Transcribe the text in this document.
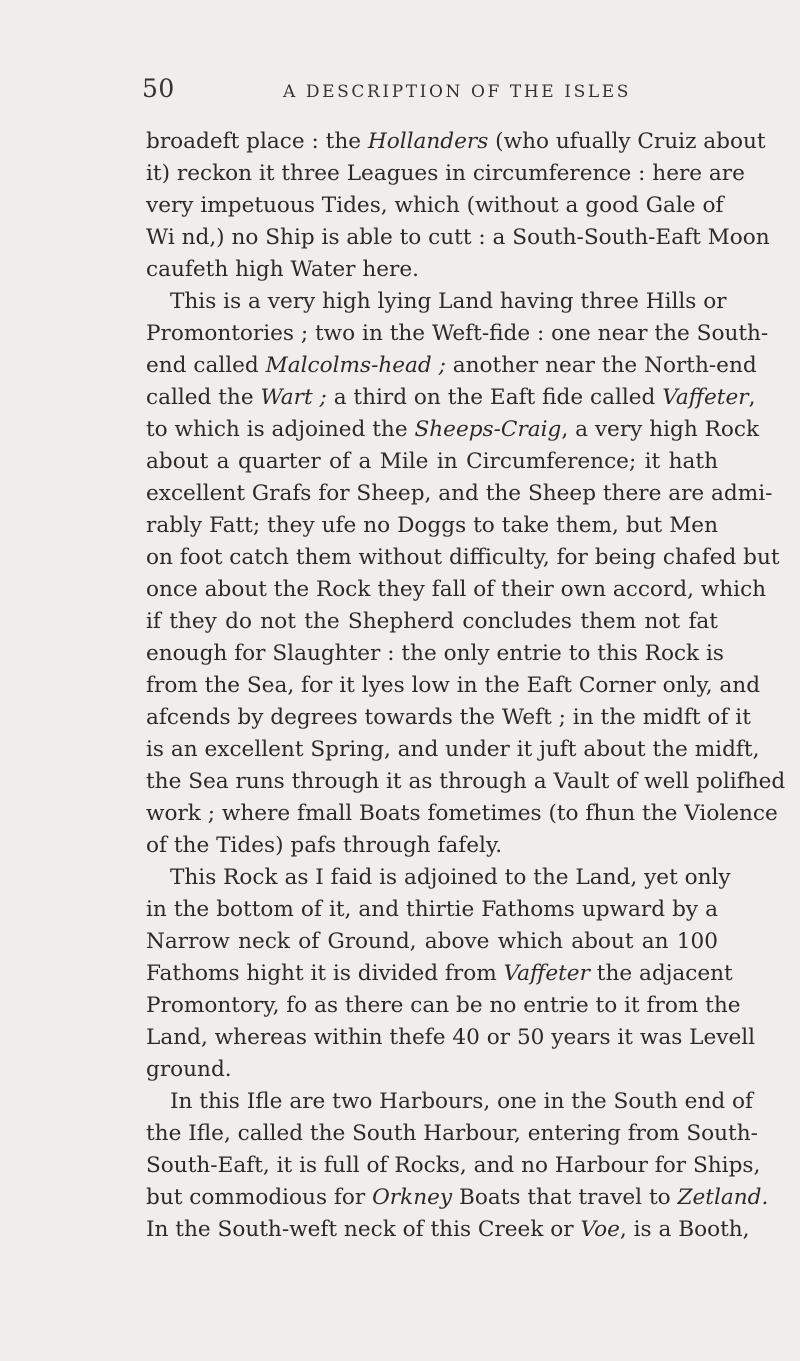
50	A DESCRIPTION OF THE ISLES
broadeft place : the Hollanders (who ufually Cruiz about
it) reckon it three Leagues in circumference : here are
very impetuous Tides, which (without a good Gale of
Wi nd,) no Ship is able to cutt : a South-South-Eaft Moon
caufeth high Water here.
This is a very high lying Land having three Hills or
Promontories ; two in the Weft-fide : one near the South-
end called Malcolms-head ; another near the North-end
called the Wart ; a third on the Eaft fide called Vaffeter,
to which is adjoined the Sheeps-Craig, a very high Rock
about a quarter of a Mile in Circumference; it hath
excellent Grafs for Sheep, and the Sheep there are admi-
rably Fatt; they ufe no Doggs to take them, but Men
on foot catch them without difficulty, for being chafed but
once about the Rock they fall of their own accord, which
if they do not the Shepherd concludes them not fat
enough for Slaughter : the only entrie to this Rock is
from the Sea, for it lyes low in the Eaft Corner only, and
afcends by degrees towards the Weft ; in the midft of it
is an excellent Spring, and under it juft about the midft,
the Sea runs through it as through a Vault of well polifhed
work ; where fmall Boats fometimes (to fhun the Violence
of the Tides) pafs through fafely.
This Rock as I faid is adjoined to the Land, yet only
in the bottom of it, and thirtie Fathoms upward by a
Narrow neck of Ground, above which about an 100
Fathoms hight it is divided from Vaffeter the adjacent
Promontory, fo as there can be no entrie to it from the
Land, whereas within thefe 40 or 50 years it was Levell
ground.
In this Ifle are two Harbours, one in the South end of
the Ifle, called the South Harbour, entering from South-
South-Eaft, it is full of Rocks, and no Harbour for Ships,
but commodious for Orkney Boats that travel to Zetland.
In the South-weft neck of this Creek or Voe, is a Booth,
